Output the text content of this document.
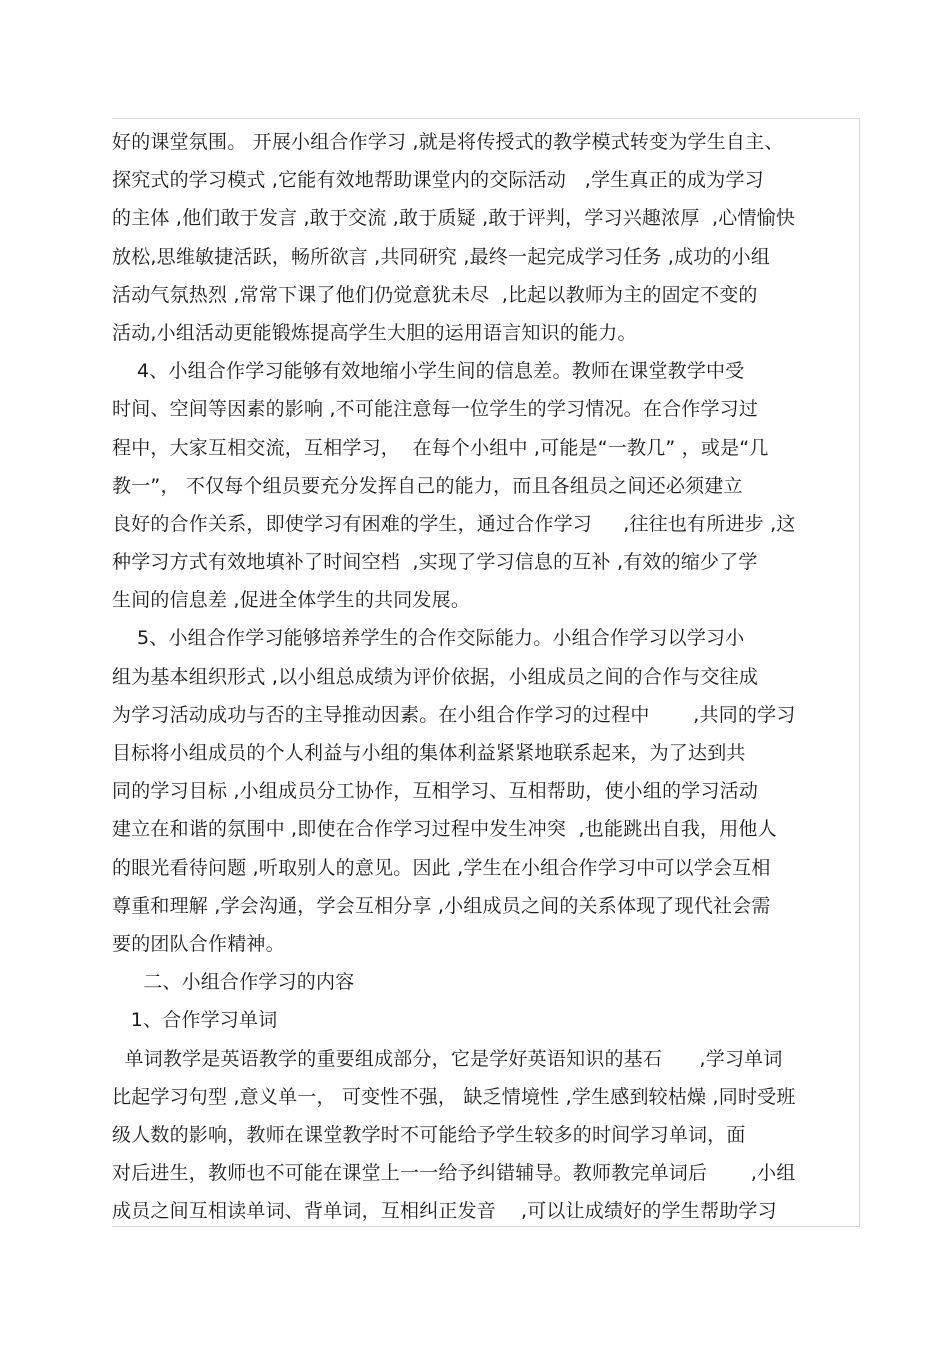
好的课堂氛围。 开展小组合作学习 ,就是将传授式的教学模式转变为学生自主、
探究式的学习模式 ,它能有效地帮助课堂内的交际活动   ,学生真正的成为学习
的主体 ,他们敢于发言 ,敢于交流 ,敢于质疑 ,敢于评判，学习兴趣浓厚  ,心情愉快
放松,思维敏捷活跃，畅所欲言 ,共同研究 ,最终一起完成学习任务 ,成功的小组
活动气氛热烈 ,常常下课了他们仍觉意犹未尽  ,比起以教师为主的固定不变的
活动,小组活动更能锻炼提高学生大胆的运用语言知识的能力。
4、小组合作学习能够有效地缩小学生间的信息差。教师在课堂教学中受
时间、空间等因素的影响 ,不可能注意每一位学生的学习情况。在合作学习过
程中，大家互相交流，互相学习，  在每个小组中 ,可能是“一教几” ，或是“几
教一”， 不仅每个组员要充分发挥自己的能力，而且各组员之间还必须建立
良好的合作关系，即使学习有困难的学生，通过合作学习     ,往往也有所进步 ,这
种学习方式有效地填补了时间空档  ,实现了学习信息的互补 ,有效的缩少了学
生间的信息差 ,促进全体学生的共同发展。
5、小组合作学习能够培养学生的合作交际能力。小组合作学习以学习小
组为基本组织形式 ,以小组总成绩为评价依据，小组成员之间的合作与交往成
为学习活动成功与否的主导推动因素。在小组合作学习的过程中       ,共同的学习
目标将小组成员的个人利益与小组的集体利益紧紧地联系起来，为了达到共
同的学习目标 ,小组成员分工协作，互相学习、互相帮助，使小组的学习活动
建立在和谐的氛围中 ,即使在合作学习过程中发生冲突  ,也能跳出自我，用他人
的眼光看待问题 ,听取别人的意见。因此 ,学生在小组合作学习中可以学会互相
尊重和理解 ,学会沟通，学会互相分享 ,小组成员之间的关系体现了现代社会需
要的团队合作精神。
二、小组合作学习的内容
1、合作学习单词
单词教学是英语教学的重要组成部分，它是学好英语知识的基石      ,学习单词
比起学习句型 ,意义单一， 可变性不强， 缺乏情境性 ,学生感到较枯燥 ,同时受班
级人数的影响，教师在课堂教学时不可能给予学生较多的时间学习单词，面
对后进生，教师也不可能在课堂上一一给予纠错辅导。教师教完单词后       ,小组
成员之间互相读单词、背单词，互相纠正发音    ,可以让成绩好的学生帮助学习
